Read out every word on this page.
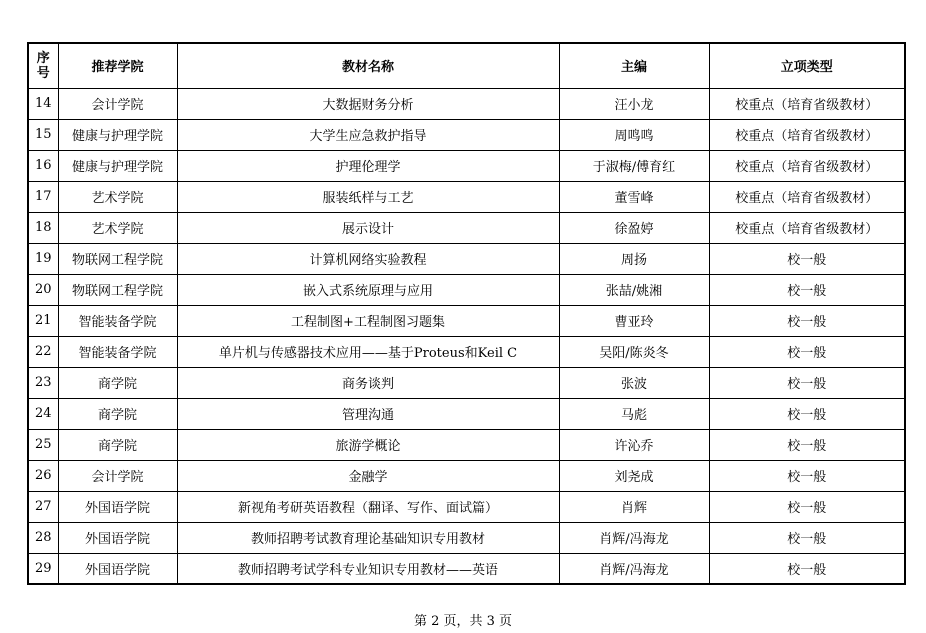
序
号	推荐学院	教材名称	主编	立项类型
14	会计学院	大数据财务分析	汪小龙	校重点（培育省级教材）
15	健康与护理学院	大学生应急救护指导	周鸣鸣	校重点（培育省级教材）
16	健康与护理学院	护理伦理学	于淑梅/傅育红	校重点（培育省级教材）
17	艺术学院	服装纸样与工艺	董雪峰	校重点（培育省级教材）
18	艺术学院	展示设计	徐盈婷	校重点（培育省级教材）
19	物联网工程学院	计算机网络实验教程	周扬	校一般
20	物联网工程学院	嵌入式系统原理与应用	张喆/姚湘	校一般
21	智能装备学院	工程制图+工程制图习题集	曹亚玲	校一般
22	智能装备学院	单片机与传感器技术应用——基于Proteus和Keil C	吴阳/陈炎冬	校一般
23	商学院	商务谈判	张波	校一般
24	商学院	管理沟通	马彪	校一般
25	商学院	旅游学概论	许沁乔	校一般
26	会计学院	金融学	刘尧成	校一般
27	外国语学院	新视角考研英语教程（翻译、写作、面试篇）	肖辉	校一般
28	外国语学院	教师招聘考试教育理论基础知识专用教材	肖辉/冯海龙	校一般
29	外国语学院	教师招聘考试学科专业知识专用教材——英语	肖辉/冯海龙	校一般
第 2 页，共 3 页
